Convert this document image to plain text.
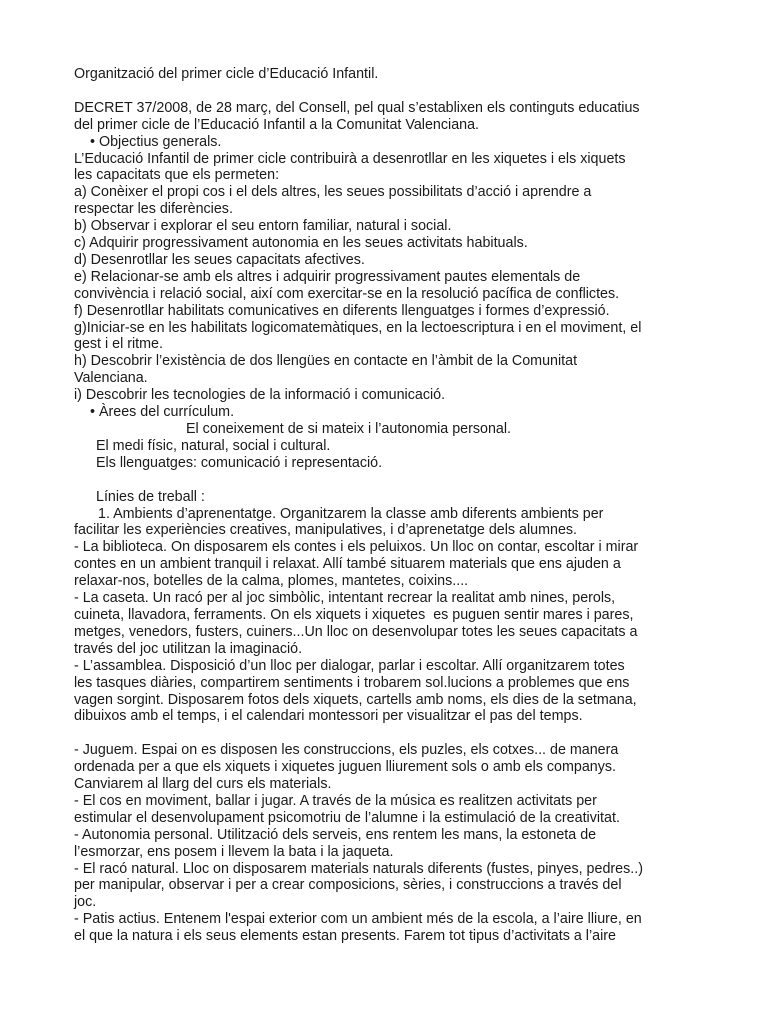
Organització del primer cicle d’Educació Infantil.

DECRET 37/2008, de 28 març, del Consell, pel qual s’establixen els continguts educatius

del primer cicle de l’Educació Infantil a la Comunitat Valenciana.

• Objectius generals.

L’Educació Infantil de primer cicle contribuirà a desenrotllar en les xiquetes i els xiquets

les capacitats que els permeten:

a) Conèixer el propi cos i el dels altres, les seues possibilitats d’acció i aprendre a

respectar les diferències.

b) Observar i explorar el seu entorn familiar, natural i social.

c) Adquirir progressivament autonomia en les seues activitats habituals.

d) Desenrotllar les seues capacitats afectives.

e) Relacionar-se amb els altres i adquirir progressivament pautes elementals de

convivència i relació social, així com exercitar-se en la resolució pacífica de conflictes.

f) Desenrotllar habilitats comunicatives en diferents llenguatges i formes d’expressió.

g)Iniciar-se en les habilitats logicomatemàtiques, en la lectoescriptura i en el moviment, el

gest i el ritme.

h) Descobrir l’existència de dos llengües en contacte en l’àmbit de la Comunitat

Valenciana.

i) Descobrir les tecnologies de la informació i comunicació.

• Àrees del currículum.

El coneixement de si mateix i l’autonomia personal.

El medi físic, natural, social i cultural.

Els llenguatges: comunicació i representació.

Línies de treball :

1. Ambients d’aprenentatge. Organitzarem la classe amb diferents ambients per

facilitar les experiències creatives, manipulatives, i d’aprenetatge dels alumnes.

- La biblioteca. On disposarem els contes i els peluixos. Un lloc on contar, escoltar i mirar

contes en un ambient tranquil i relaxat. Allí també situarem materials que ens ajuden a

relaxar-nos, botelles de la calma, plomes, mantetes, coixins....

- La caseta. Un racó per al joc simbòlic, intentant recrear la realitat amb nines, perols,

cuineta, llavadora, ferraments. On els xiquets i xiquetes  es puguen sentir mares i pares,

metges, venedors, fusters, cuiners...Un lloc on desenvolupar totes les seues capacitats a

través del joc utilitzan la imaginació.

- L’assamblea. Disposició d’un lloc per dialogar, parlar i escoltar. Allí organitzarem totes

les tasques diàries, compartirem sentiments i trobarem sol.lucions a problemes que ens

vagen sorgint. Disposarem fotos dels xiquets, cartells amb noms, els dies de la setmana,

dibuixos amb el temps, i el calendari montessori per visualitzar el pas del temps.

- Juguem. Espai on es disposen les construccions, els puzles, els cotxes... de manera

ordenada per a que els xiquets i xiquetes juguen lliurement sols o amb els companys.

Canviarem al llarg del curs els materials.

- El cos en moviment, ballar i jugar. A través de la música es realitzen activitats per

estimular el desenvolupament psicomotriu de l’alumne i la estimulació de la creativitat.

- Autonomia personal. Utilització dels serveis, ens rentem les mans, la estoneta de

l’esmorzar, ens posem i llevem la bata i la jaqueta.

- El racó natural. Lloc on disposarem materials naturals diferents (fustes, pinyes, pedres..)

per manipular, observar i per a crear composicions, sèries, i construccions a través del

joc.

- Patis actius. Entenem l'espai exterior com un ambient més de la escola, a l’aire lliure, en

el que la natura i els seus elements estan presents. Farem tot tipus d’activitats a l’aire
